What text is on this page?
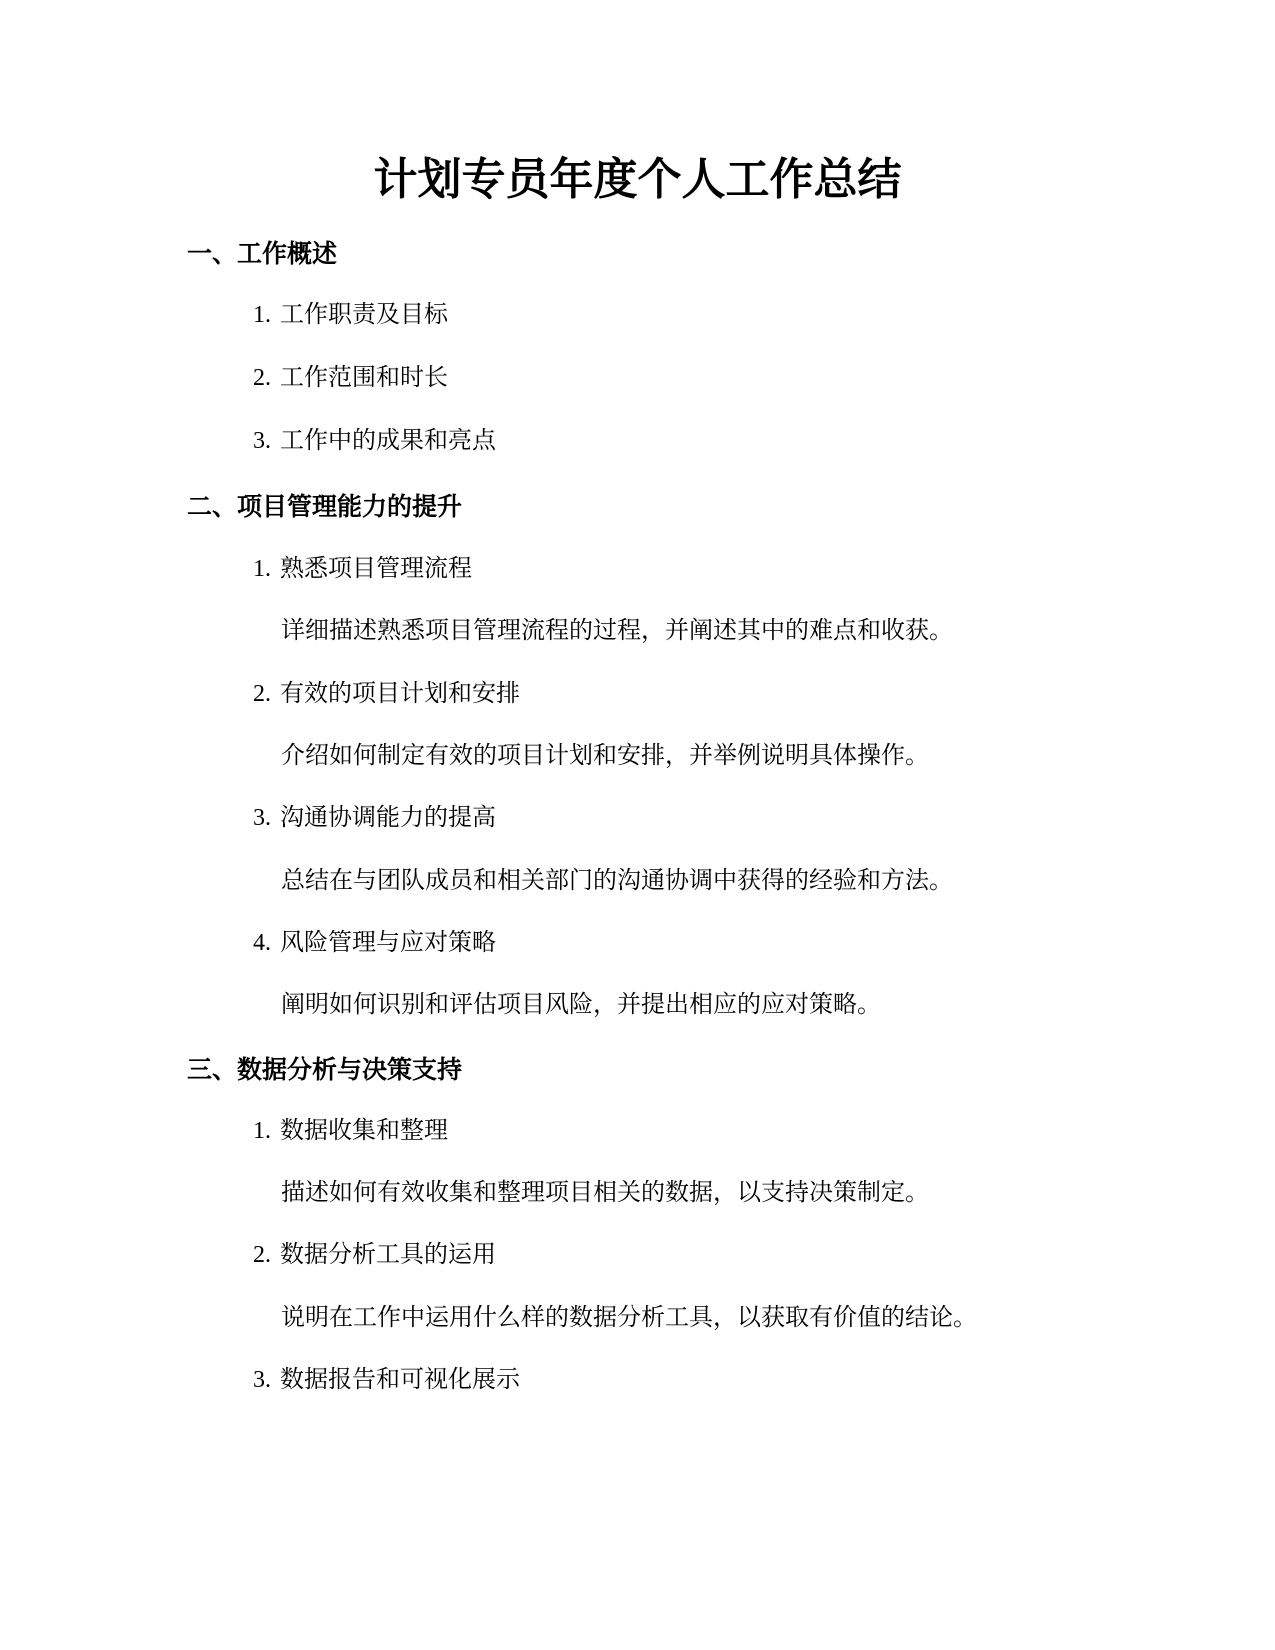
计划专员年度个人工作总结
一、工作概述
1. 工作职责及目标
2. 工作范围和时长
3. 工作中的成果和亮点
二、项目管理能力的提升
1. 熟悉项目管理流程
详细描述熟悉项目管理流程的过程，并阐述其中的难点和收获。
2. 有效的项目计划和安排
介绍如何制定有效的项目计划和安排，并举例说明具体操作。
3. 沟通协调能力的提高
总结在与团队成员和相关部门的沟通协调中获得的经验和方法。
4. 风险管理与应对策略
阐明如何识别和评估项目风险，并提出相应的应对策略。
三、数据分析与决策支持
1. 数据收集和整理
描述如何有效收集和整理项目相关的数据，以支持决策制定。
2. 数据分析工具的运用
说明在工作中运用什么样的数据分析工具，以获取有价值的结论。
3. 数据报告和可视化展示
